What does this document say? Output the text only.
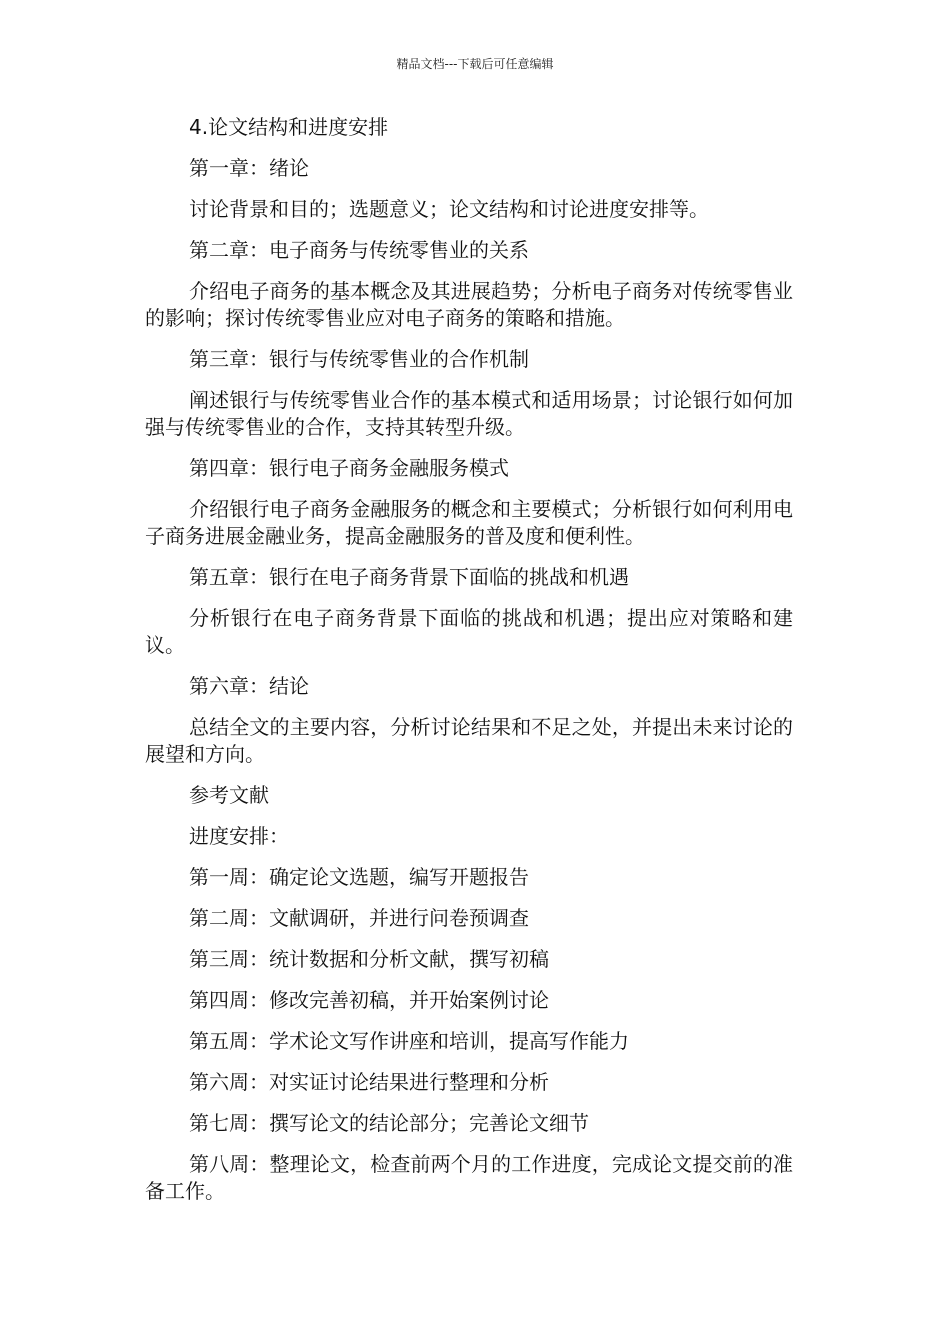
精品文档---下载后可任意编辑

4.论文结构和进度安排

第一章：绪论

讨论背景和目的；选题意义；论文结构和讨论进度安排等。

第二章：电子商务与传统零售业的关系

介绍电子商务的基本概念及其进展趋势；分析电子商务对传统零售业的影响；探讨传统零售业应对电子商务的策略和措施。

第三章：银行与传统零售业的合作机制

阐述银行与传统零售业合作的基本模式和适用场景；讨论银行如何加强与传统零售业的合作，支持其转型升级。

第四章：银行电子商务金融服务模式

介绍银行电子商务金融服务的概念和主要模式；分析银行如何利用电子商务进展金融业务，提高金融服务的普及度和便利性。

第五章：银行在电子商务背景下面临的挑战和机遇

分析银行在电子商务背景下面临的挑战和机遇；提出应对策略和建议。

第六章：结论

总结全文的主要内容，分析讨论结果和不足之处，并提出未来讨论的展望和方向。

参考文献

进度安排：

第一周：确定论文选题，编写开题报告

第二周：文献调研，并进行问卷预调查

第三周：统计数据和分析文献，撰写初稿

第四周：修改完善初稿，并开始案例讨论

第五周：学术论文写作讲座和培训，提高写作能力

第六周：对实证讨论结果进行整理和分析

第七周：撰写论文的结论部分；完善论文细节

第八周：整理论文，检查前两个月的工作进度，完成论文提交前的准备工作。
